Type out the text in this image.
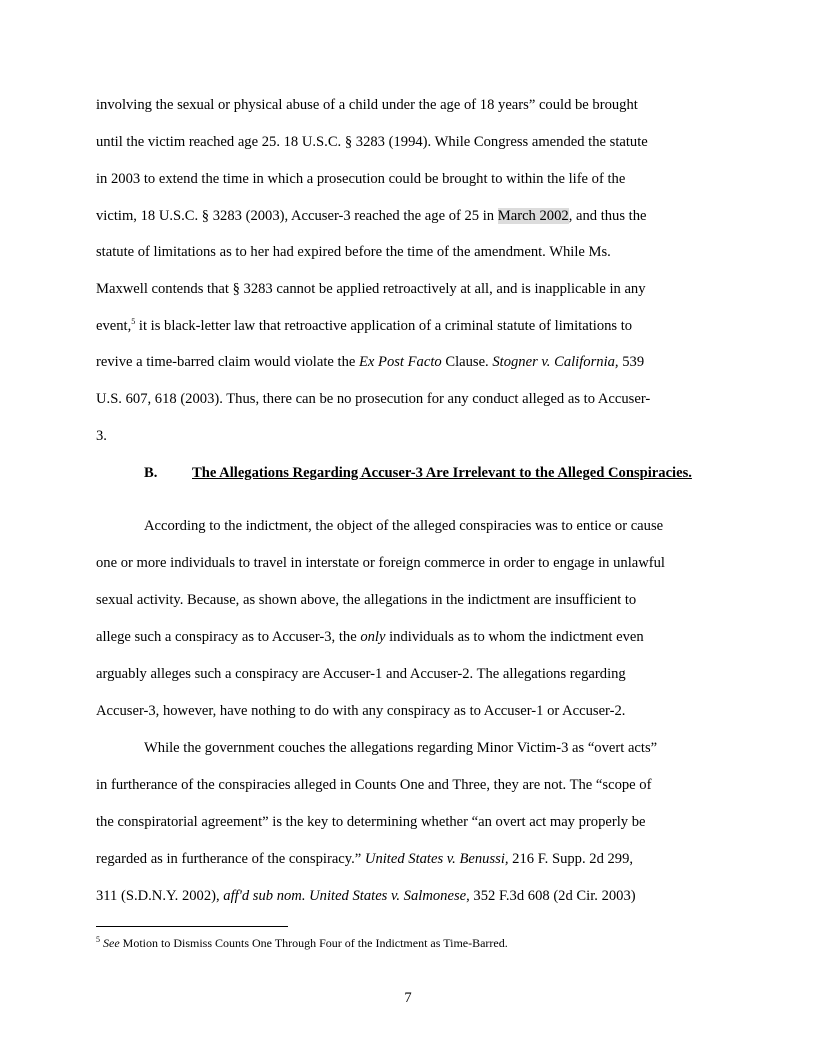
involving the sexual or physical abuse of a child under the age of 18 years” could be brought
until the victim reached age 25. 18 U.S.C. § 3283 (1994). While Congress amended the statute
in 2003 to extend the time in which a prosecution could be brought to within the life of the
victim, 18 U.S.C. § 3283 (2003), Accuser-3 reached the age of 25 in March 2002, and thus the
statute of limitations as to her had expired before the time of the amendment. While Ms.
Maxwell contends that § 3283 cannot be applied retroactively at all, and is inapplicable in any
event,$^5$ it is black-letter law that retroactive application of a criminal statute of limitations to
revive a time-barred claim would violate the Ex Post Facto Clause. Stogner v. California, 539
U.S. 607, 618 (2003). Thus, there can be no prosecution for any conduct alleged as to Accuser-
3.
B. The Allegations Regarding Accuser-3 Are Irrelevant to the Alleged Conspiracies.
According to the indictment, the object of the alleged conspiracies was to entice or cause
one or more individuals to travel in interstate or foreign commerce in order to engage in unlawful
sexual activity. Because, as shown above, the allegations in the indictment are insufficient to
allege such a conspiracy as to Accuser-3, the only individuals as to whom the indictment even
arguably alleges such a conspiracy are Accuser-1 and Accuser-2. The allegations regarding
Accuser-3, however, have nothing to do with any conspiracy as to Accuser-1 or Accuser-2.
While the government couches the allegations regarding Minor Victim-3 as “overt acts”
in furtherance of the conspiracies alleged in Counts One and Three, they are not. The “scope of
the conspiratorial agreement” is the key to determining whether “an overt act may properly be
regarded as in furtherance of the conspiracy.” United States v. Benussi, 216 F. Supp. 2d 299,
311 (S.D.N.Y. 2002), aff'd sub nom. United States v. Salmonese, 352 F.3d 608 (2d Cir. 2003)
$^5$ See Motion to Dismiss Counts One Through Four of the Indictment as Time-Barred.
7
